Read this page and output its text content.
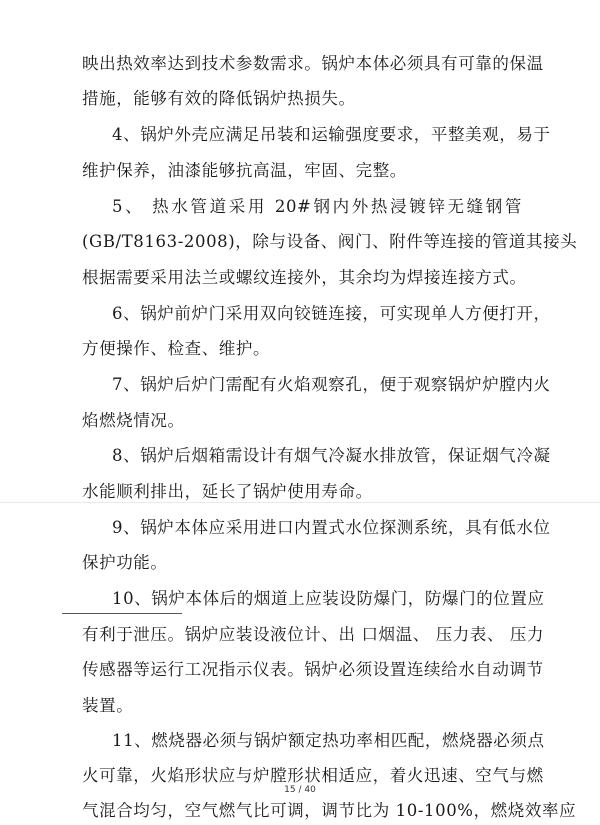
映出热效率达到技术参数需求。锅炉本体必须具有可靠的保温
措施，能够有效的降低锅炉热损失。
4、锅炉外壳应满足吊装和运输强度要求，平整美观，易于
维护保养，油漆能够抗高温，牢固、完整。
5、 热水管道采用 20#钢内外热浸镀锌无缝钢管
(GB/T8163-2008)，除与设备、阀门、附件等连接的管道其接头
根据需要采用法兰或螺纹连接外，其余均为焊接连接方式。
6、锅炉前炉门采用双向铰链连接，可实现单人方便打开，
方便操作、检查、维护。
7、锅炉后炉门需配有火焰观察孔，便于观察锅炉炉膛内火
焰燃烧情况。
8、锅炉后烟箱需设计有烟气冷凝水排放管，保证烟气冷凝
水能顺利排出，延长了锅炉使用寿命。
9、锅炉本体应采用进口内置式水位探测系统，具有低水位
保护功能。
10、锅炉本体后的烟道上应装设防爆门，防爆门的位置应
有利于泄压。锅炉应装设液位计、出 口烟温、 压力表、 压力
传感器等运行工况指示仪表。锅炉必须设置连续给水自动调节
装置。
11、燃烧器必须与锅炉额定热功率相匹配，燃烧器必须点
火可靠，火焰形状应与炉膛形状相适应，着火迅速、空气与燃
气混合均匀，空气燃气比可调，调节比为 10-100%，燃烧效率应
15 / 40
